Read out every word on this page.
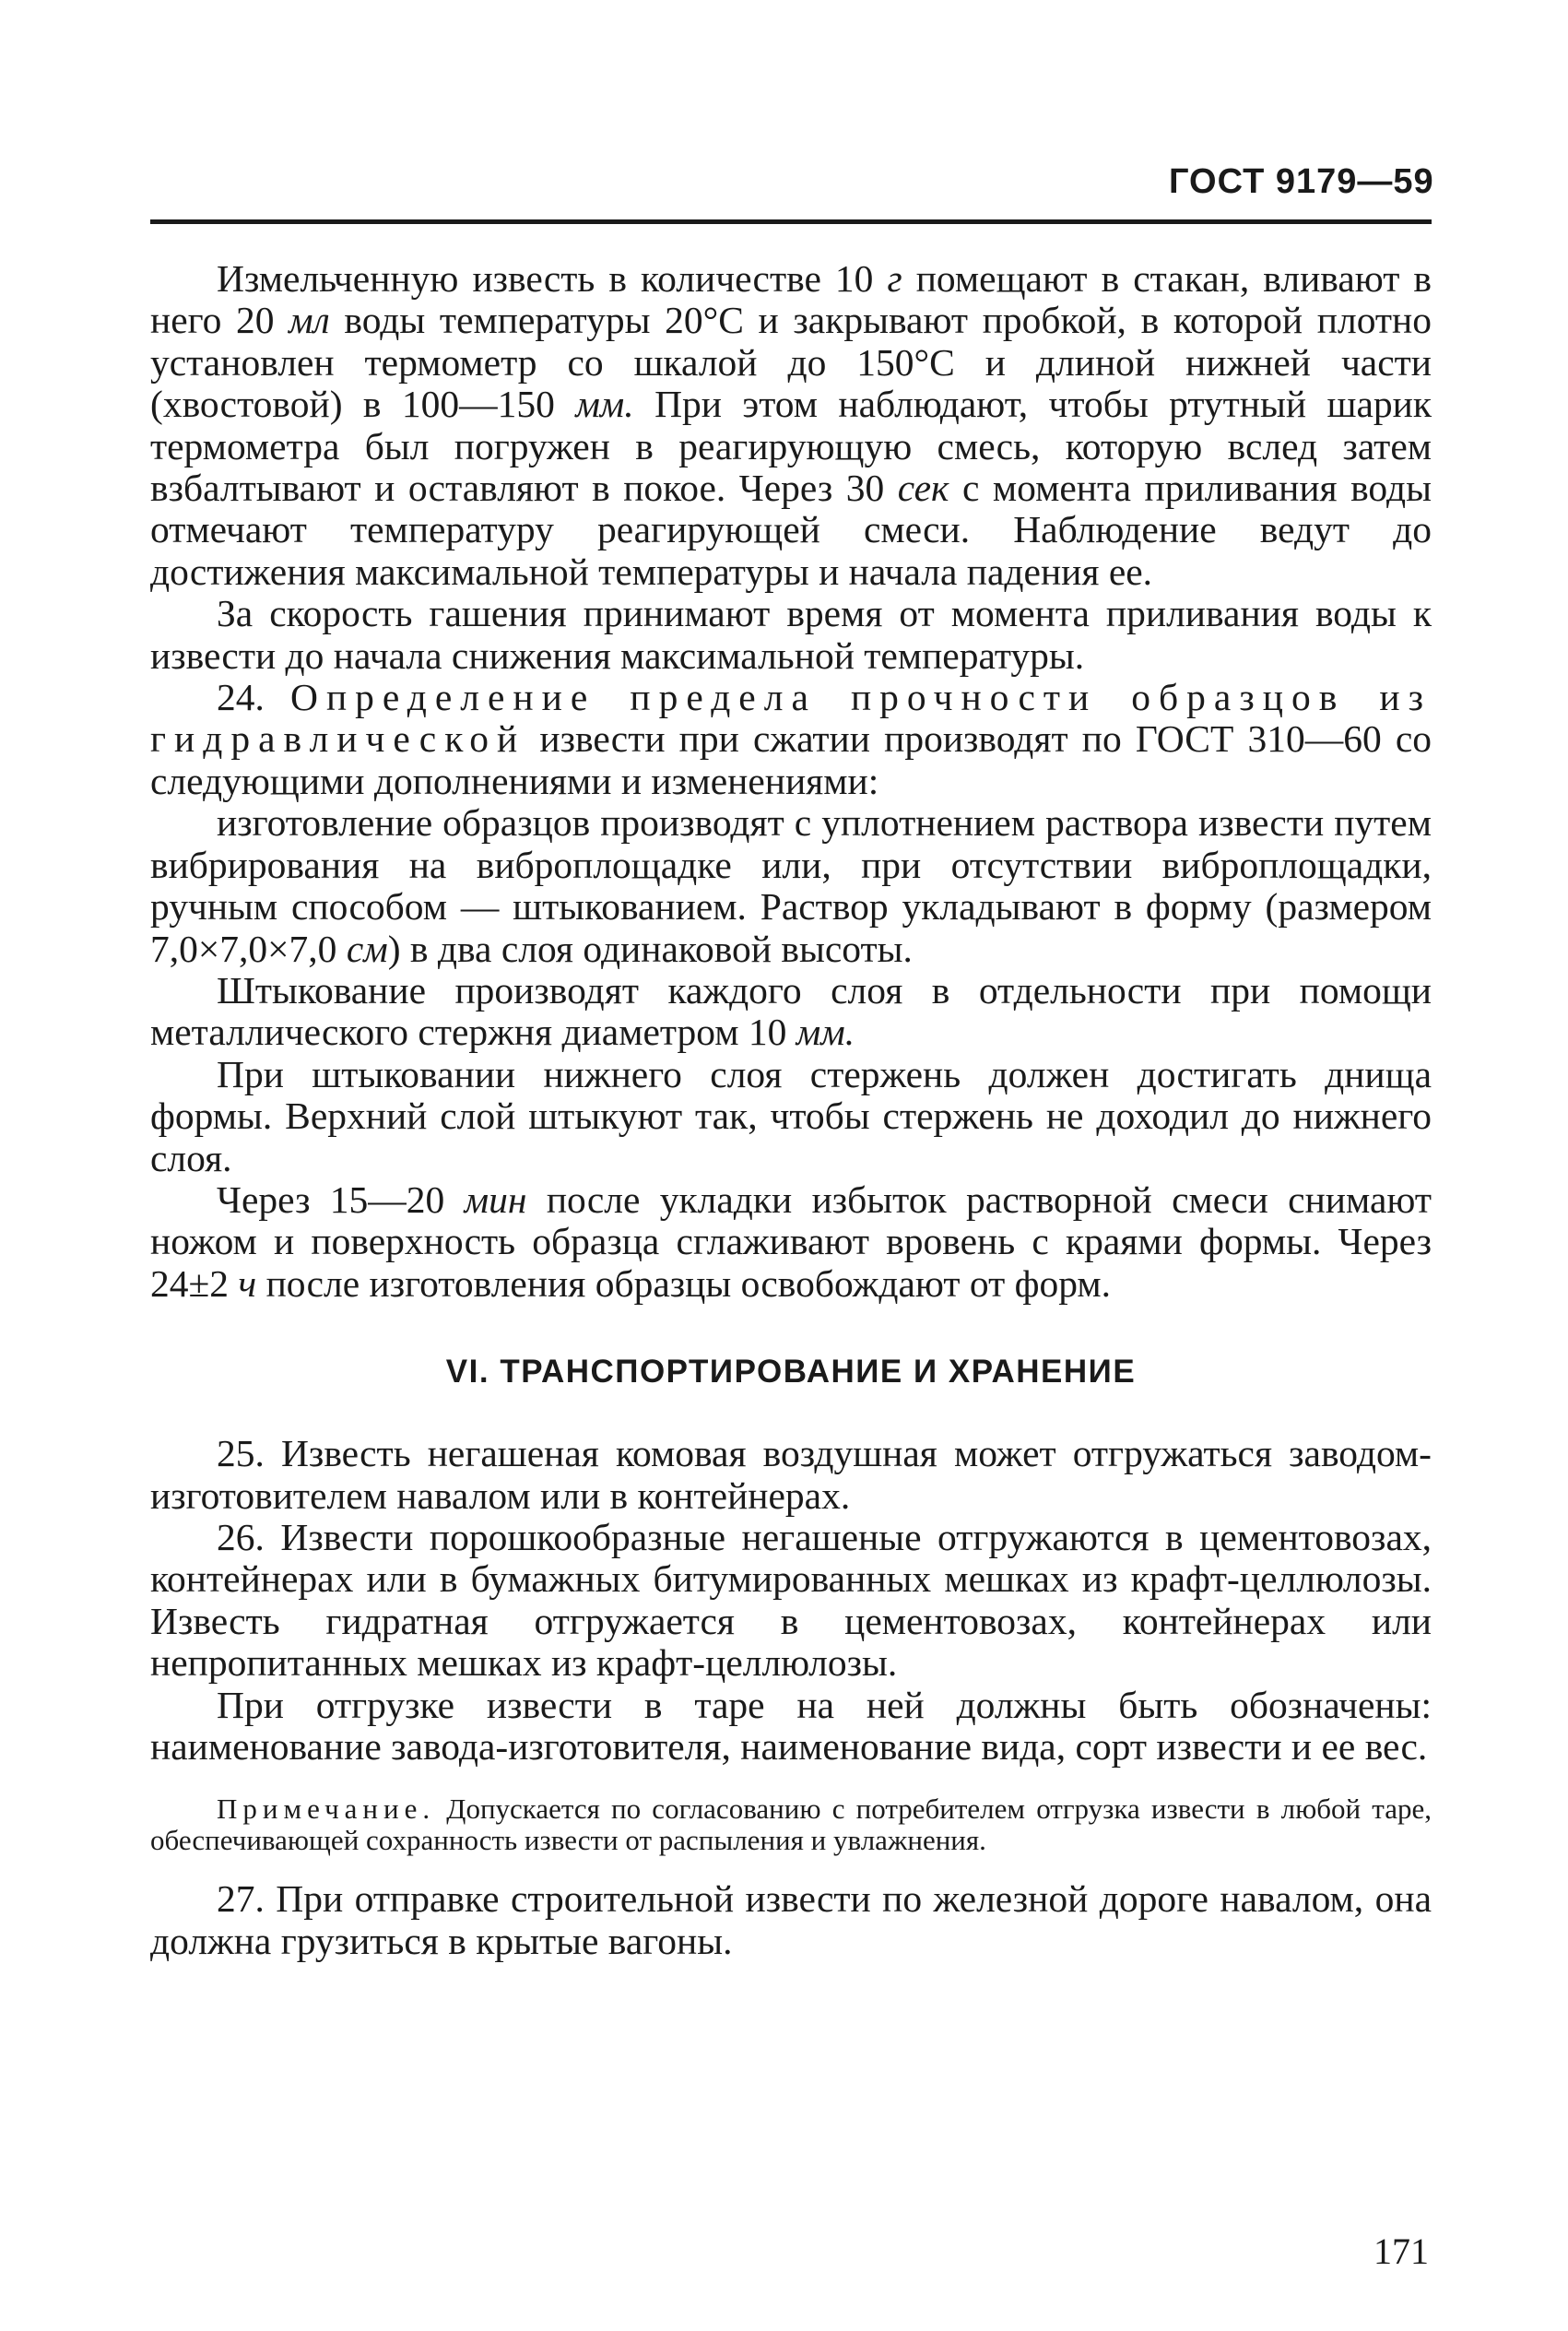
ГОСТ 9179—59

Измельченную известь в количестве 10 г помещают в стакан, вливают в него 20 мл воды температуры 20°C и закрывают пробкой, в которой плотно установлен термометр со шкалой до 150°C и длиной нижней части (хвостовой) в 100—150 мм. При этом наблюдают, чтобы ртутный шарик термометра был погружен в реагирующую смесь, которую вслед затем взбалтывают и оставляют в покое. Через 30 сек с момента приливания воды отмечают температуру реагирующей смеси. Наблюдение ведут до достижения максимальной температуры и начала падения ее.

За скорость гашения принимают время от момента приливания воды к извести до начала снижения максимальной температуры.

24. Определение предела прочности образцов из гидравлической извести при сжатии производят по ГОСТ 310—60 со следующими дополнениями и изменениями:

изготовление образцов производят с уплотнением раствора извести путем вибрирования на виброплощадке или, при отсутствии виброплощадки, ручным способом — штыкованием. Раствор укладывают в форму (размером 7,0×7,0×7,0 см) в два слоя одинаковой высоты.

Штыкование производят каждого слоя в отдельности при помощи металлического стержня диаметром 10 мм.

При штыковании нижнего слоя стержень должен достигать днища формы. Верхний слой штыкуют так, чтобы стержень не доходил до нижнего слоя.

Через 15—20 мин после укладки избыток растворной смеси снимают ножом и поверхность образца сглаживают вровень с краями формы. Через 24±2 ч после изготовления образцы освобождают от форм.

VI. ТРАНСПОРТИРОВАНИЕ И ХРАНЕНИЕ

25. Известь негашеная комовая воздушная может отгружаться заводом-изготовителем навалом или в контейнерах.

26. Извести порошкообразные негашеные отгружаются в цементовозах, контейнерах или в бумажных битумированных мешках из крафт-целлюлозы. Известь гидратная отгружается в цементовозах, контейнерах или непропитанных мешках из крафт-целлюлозы.

При отгрузке извести в таре на ней должны быть обозначены: наименование завода-изготовителя, наименование вида, сорт извести и ее вес.

Примечание. Допускается по согласованию с потребителем отгрузка извести в любой таре, обеспечивающей сохранность извести от распыления и увлажнения.

27. При отправке строительной извести по железной дороге навалом, она должна грузиться в крытые вагоны.

171
